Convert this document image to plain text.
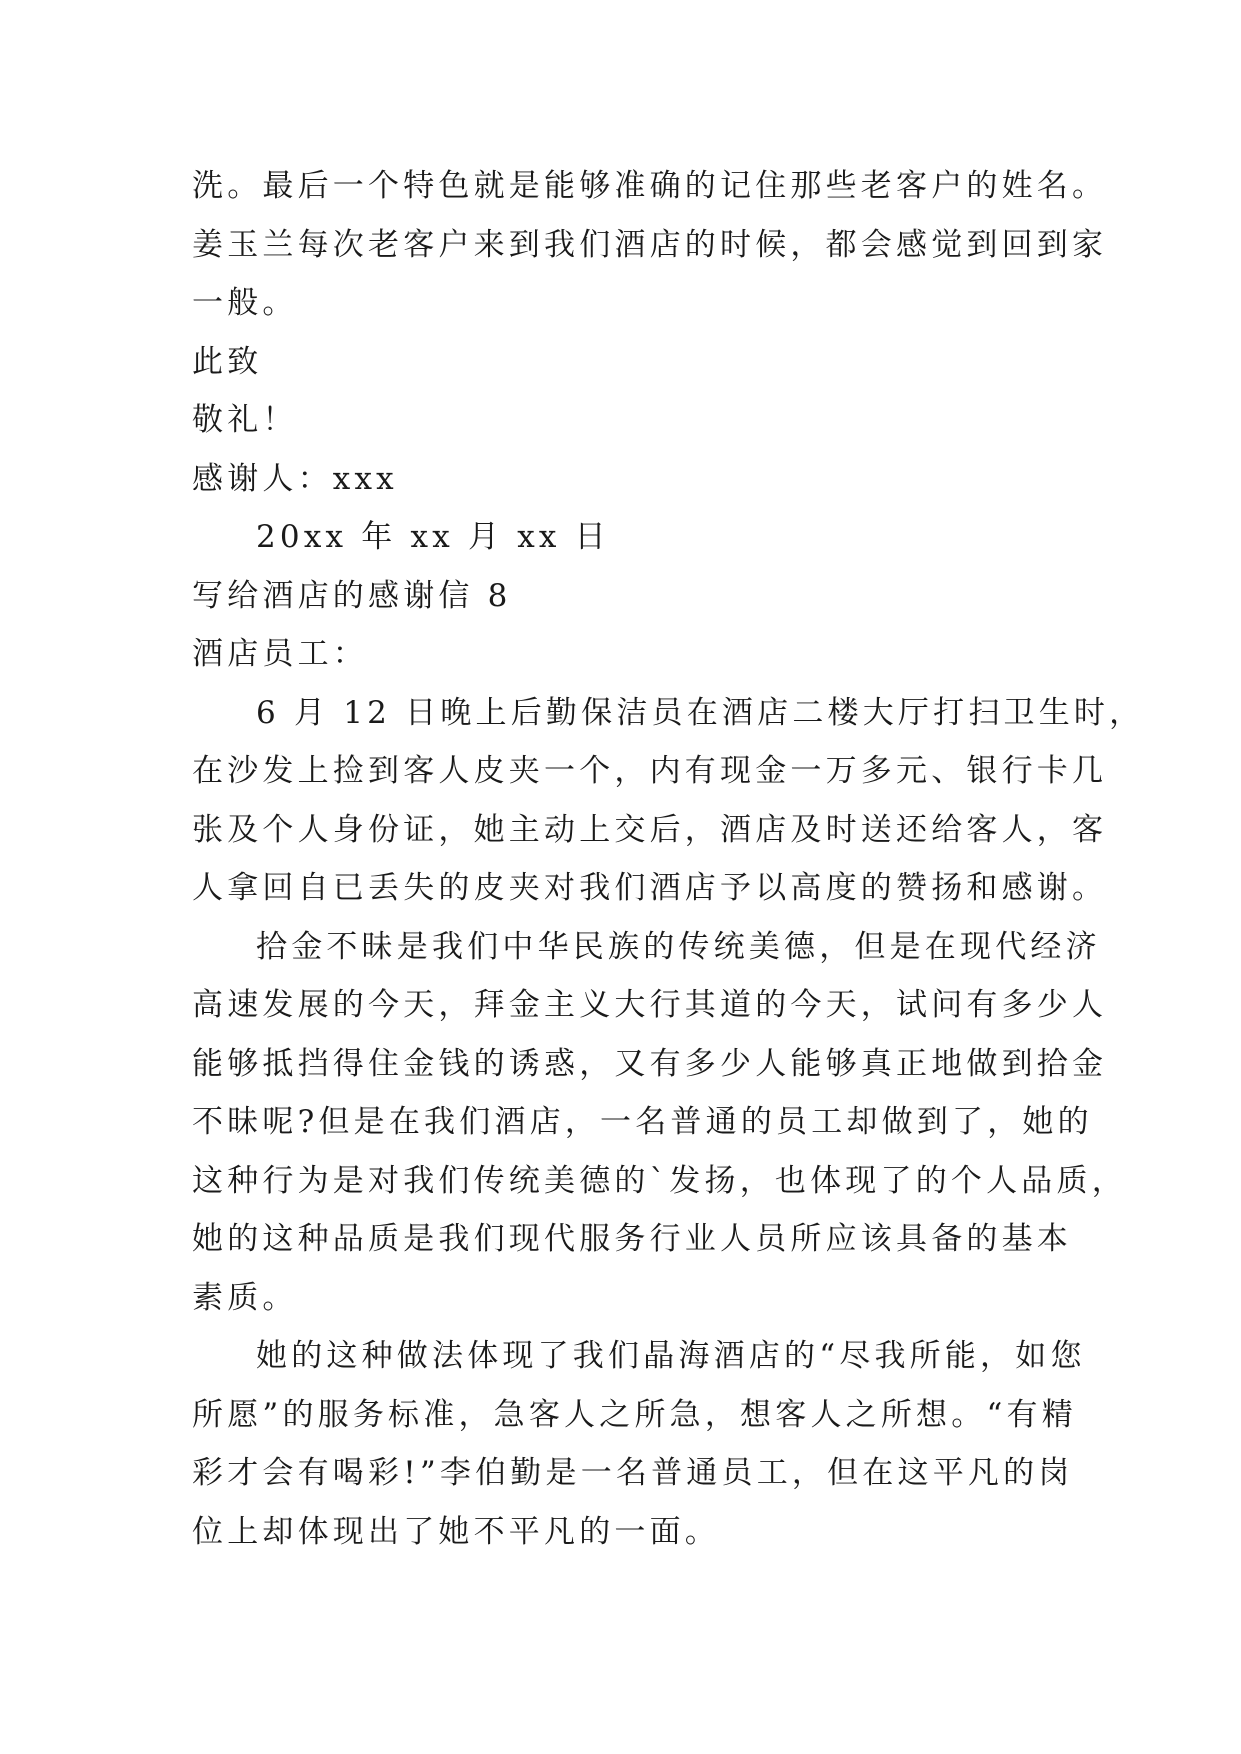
洗。最后一个特色就是能够准确的记住那些老客户的姓名。
姜玉兰每次老客户来到我们酒店的时候，都会感觉到回到家
一般。
此致
敬礼！
感谢人：xxx
20xx 年 xx 月 xx 日
写给酒店的感谢信 8
酒店员工：
6 月 12 日晚上后勤保洁员在酒店二楼大厅打扫卫生时，
在沙发上捡到客人皮夹一个，内有现金一万多元、银行卡几
张及个人身份证，她主动上交后，酒店及时送还给客人，客
人拿回自已丢失的皮夹对我们酒店予以高度的赞扬和感谢。
拾金不昧是我们中华民族的传统美德，但是在现代经济
高速发展的今天，拜金主义大行其道的今天，试问有多少人
能够抵挡得住金钱的诱惑，又有多少人能够真正地做到拾金
不昧呢?但是在我们酒店，一名普通的员工却做到了，她的
这种行为是对我们传统美德的`发扬，也体现了的个人品质，
她的这种品质是我们现代服务行业人员所应该具备的基本
素质。
她的这种做法体现了我们晶海酒店的“尽我所能，如您
所愿”的服务标准，急客人之所急，想客人之所想。“有精
彩才会有喝彩!”李伯勤是一名普通员工，但在这平凡的岗
位上却体现出了她不平凡的一面。
